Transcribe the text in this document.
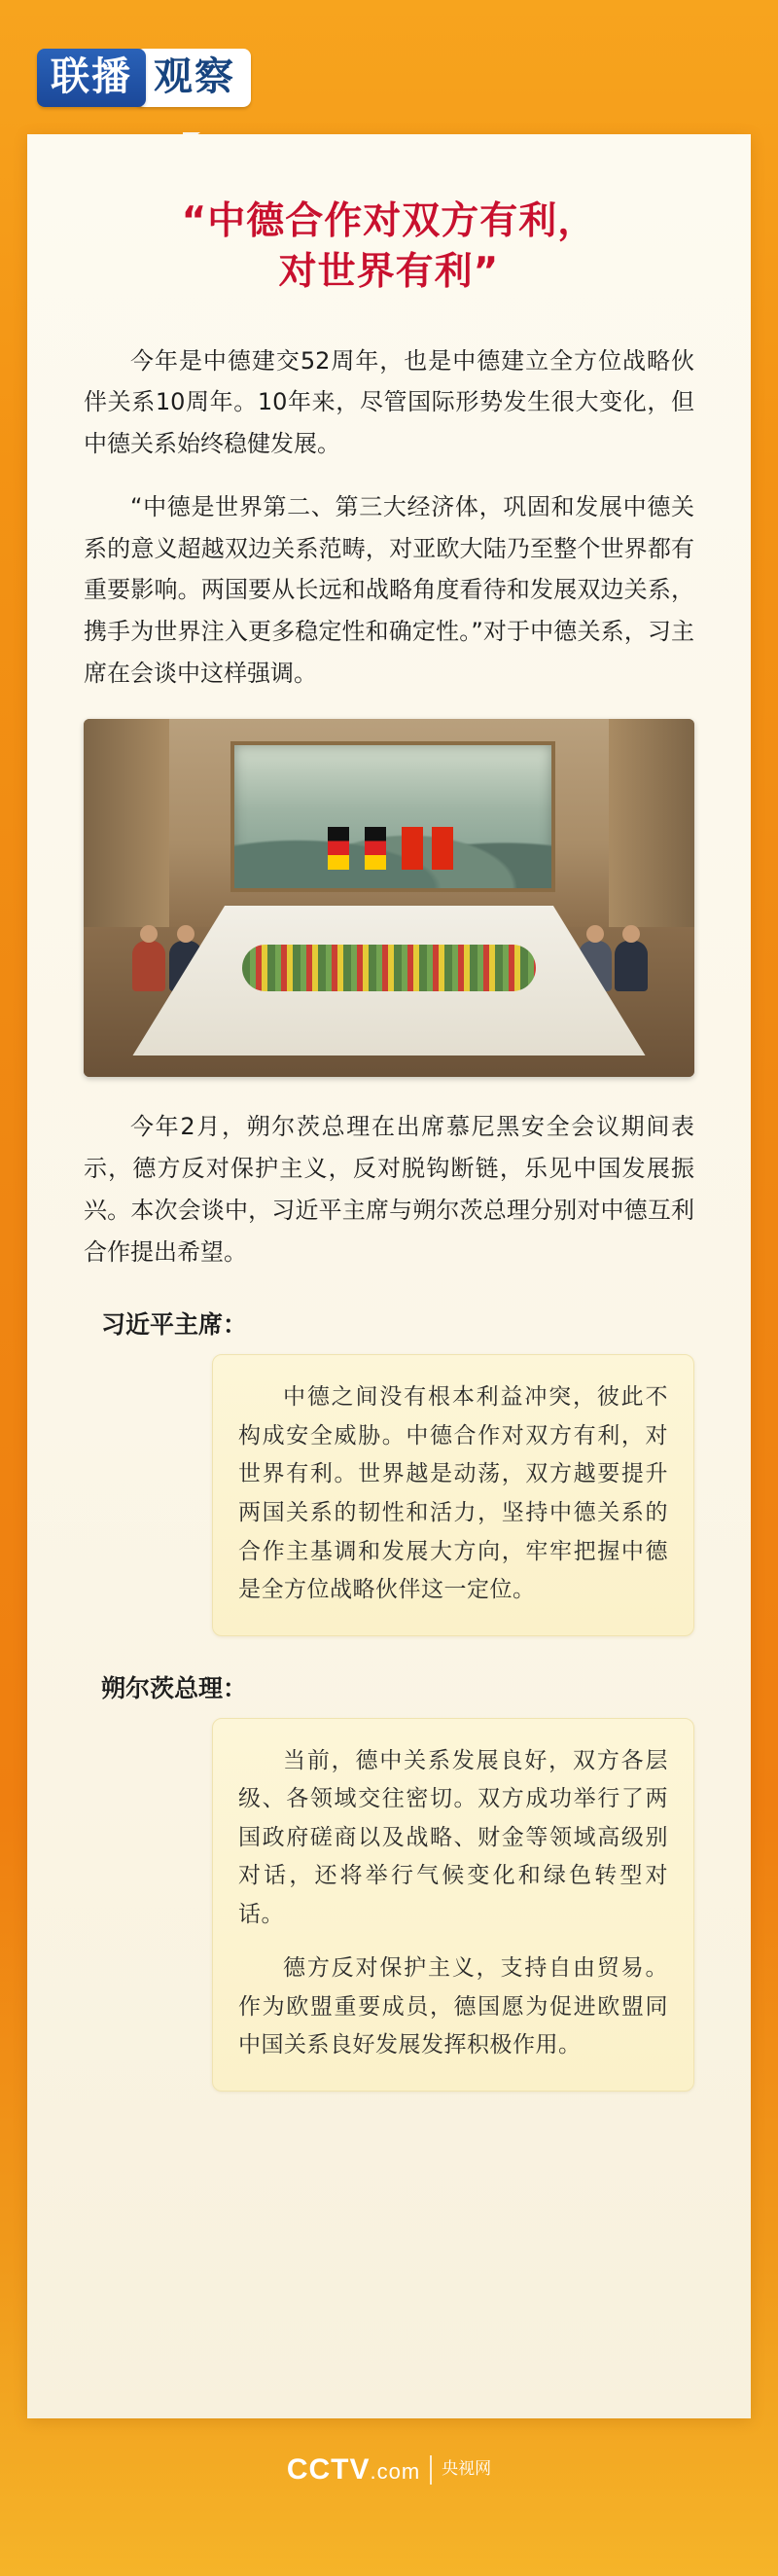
联播 观察
“中德合作对双方有利，
对世界有利”

今年是中德建交52周年，也是中德建立全方位战略伙伴关系10周年。10年来，尽管国际形势发生很大变化，但中德关系始终稳健发展。

“中德是世界第二、第三大经济体，巩固和发展中德关系的意义超越双边关系范畴，对亚欧大陆乃至整个世界都有重要影响。两国要从长远和战略角度看待和发展双边关系，携手为世界注入更多稳定性和确定性。”对于中德关系，习主席在会谈中这样强调。

今年2月，朔尔茨总理在出席慕尼黑安全会议期间表示，德方反对保护主义，反对脱钩断链，乐见中国发展振兴。本次会谈中，习近平主席与朔尔茨总理分别对中德互利合作提出希望。

习近平主席：

中德之间没有根本利益冲突，彼此不构成安全威胁。中德合作对双方有利，对世界有利。世界越是动荡，双方越要提升两国关系的韧性和活力，坚持中德关系的合作主基调和发展大方向，牢牢把握中德是全方位战略伙伴这一定位。

朔尔茨总理：

当前，德中关系发展良好，双方各层级、各领域交往密切。双方成功举行了两国政府磋商以及战略、财金等领域高级别对话，还将举行气候变化和绿色转型对话。

德方反对保护主义，支持自由贸易。作为欧盟重要成员，德国愿为促进欧盟同中国关系良好发展发挥积极作用。

CCTV.com 央视网
